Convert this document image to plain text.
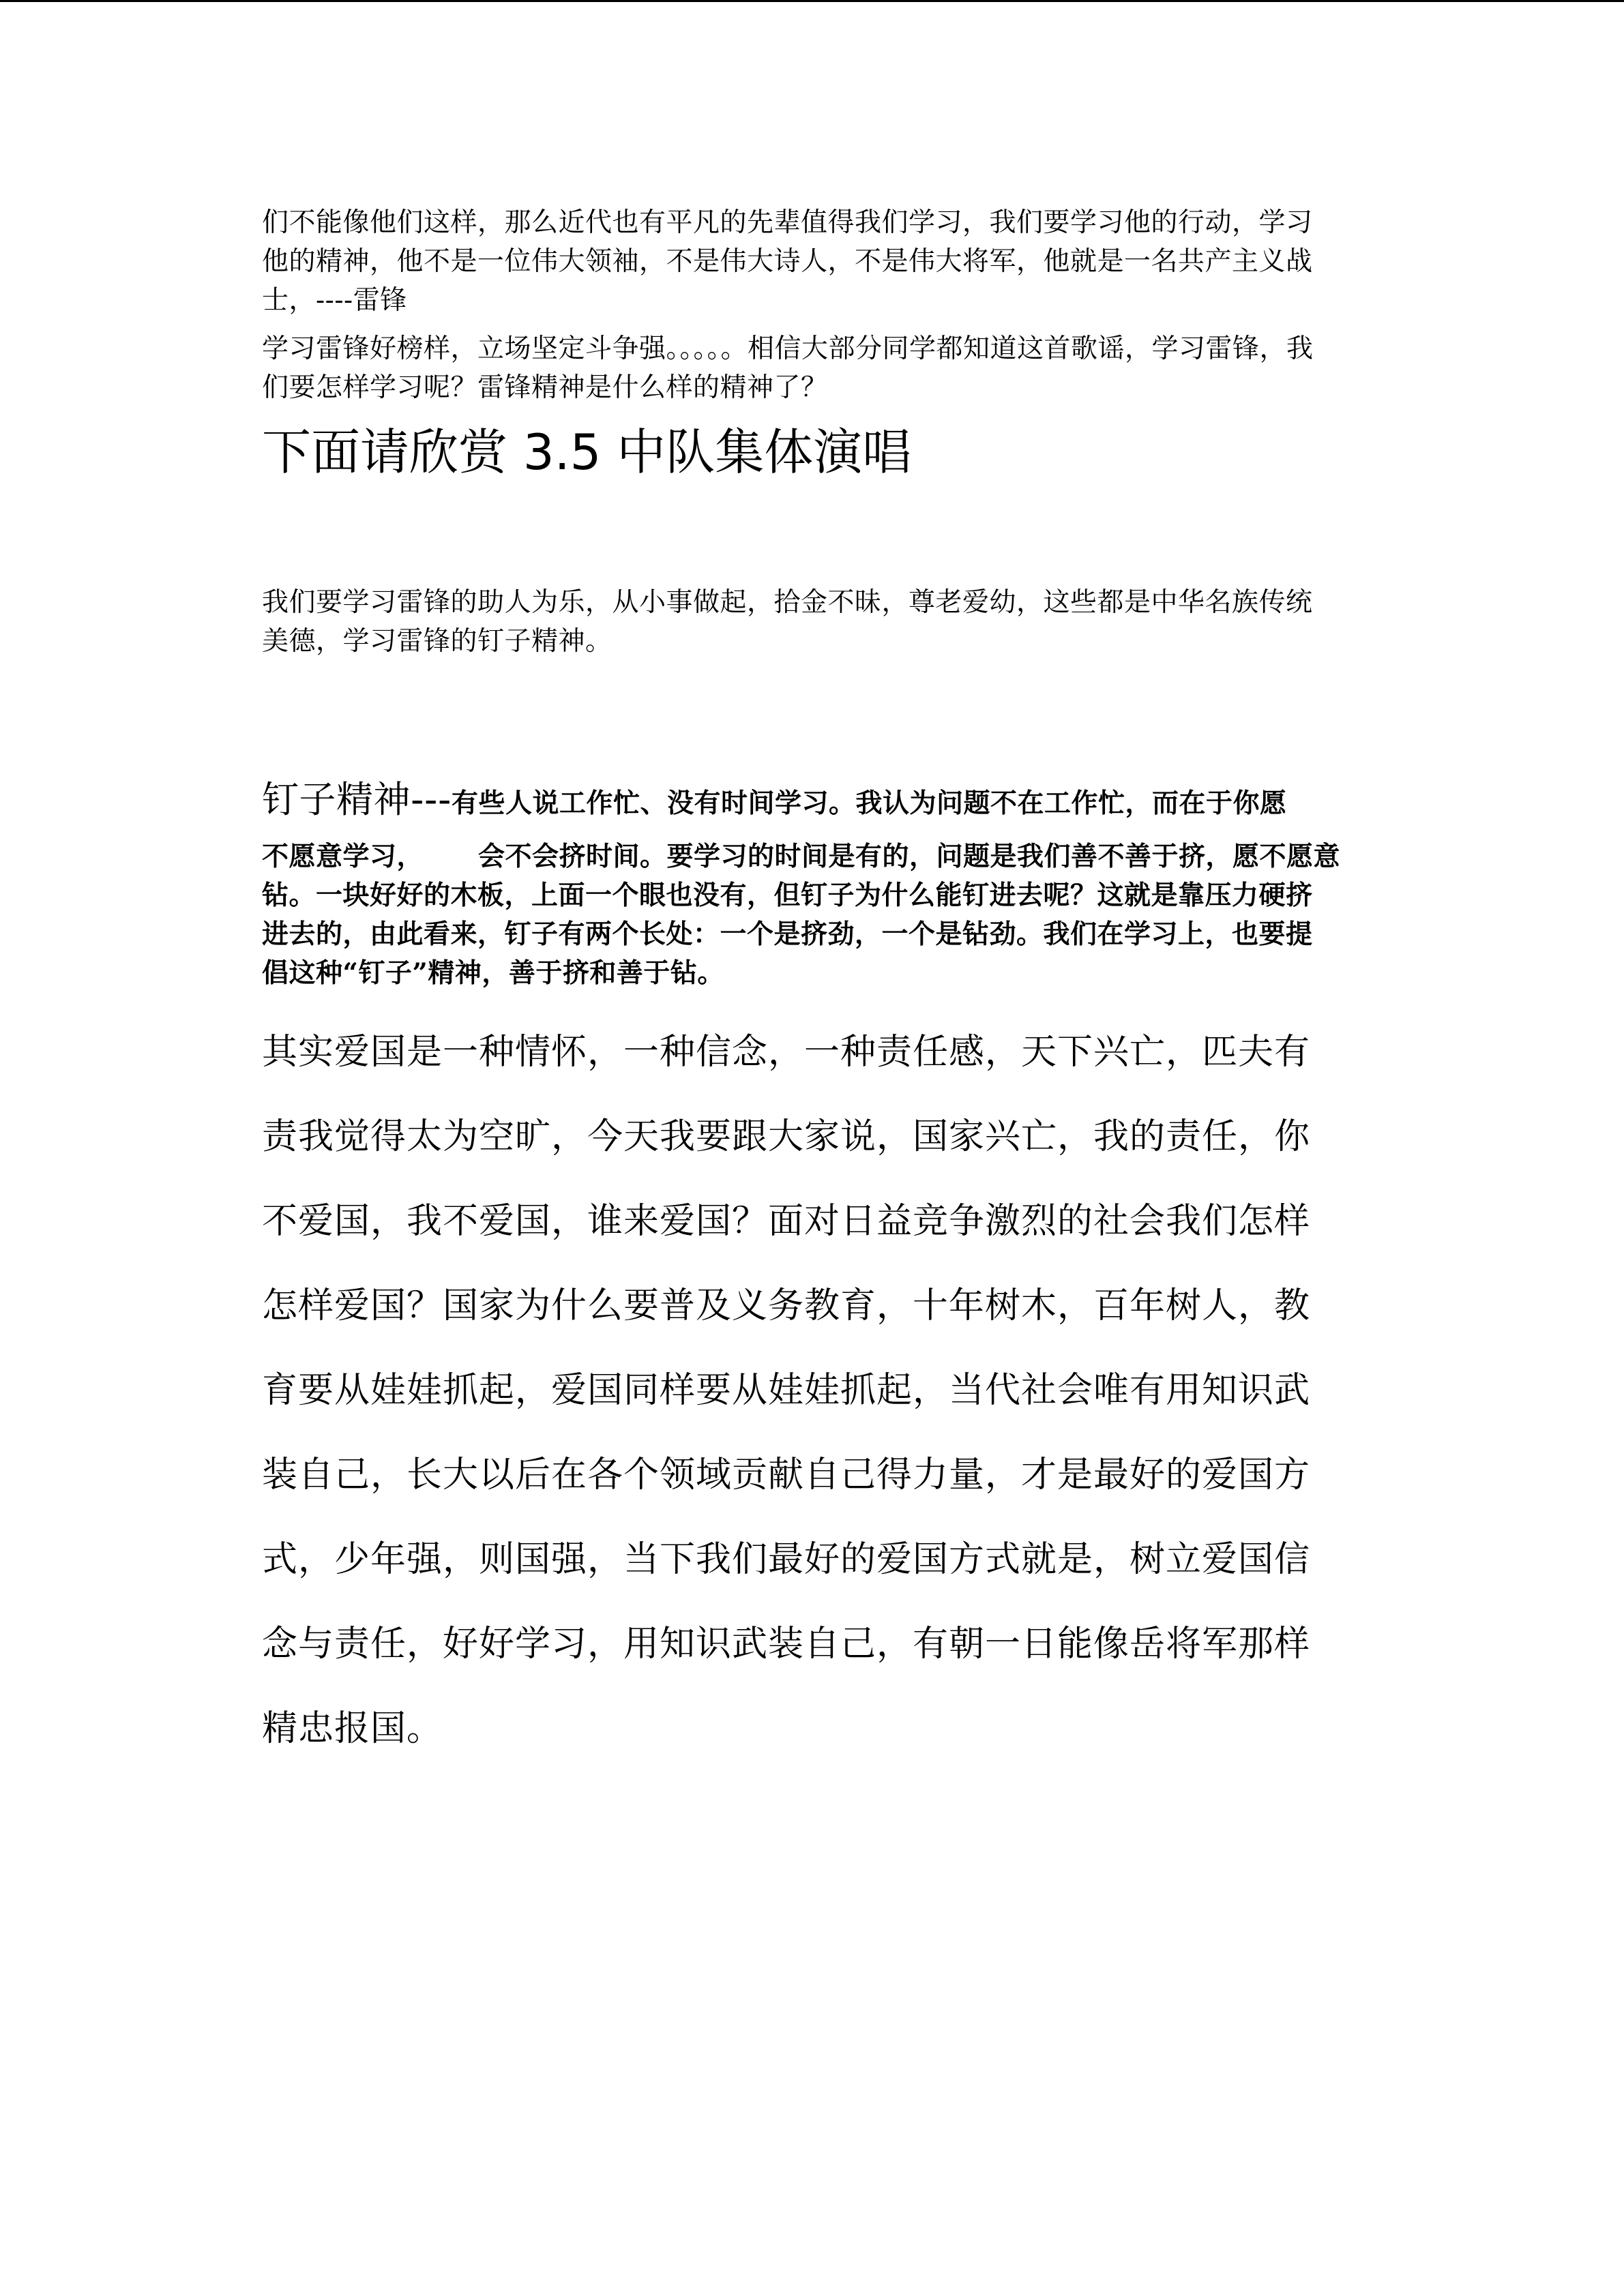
们不能像他们这样，那么近代也有平凡的先辈值得我们学习，我们要学习他的行动，学习
他的精神，他不是一位伟大领袖，不是伟大诗人，不是伟大将军，他就是一名共产主义战
士，----雷锋
学习雷锋好榜样，立场坚定斗争强。。。。。相信大部分同学都知道这首歌谣，学习雷锋，我
们要怎样学习呢？雷锋精神是什么样的精神了？
下面请欣赏 3.5 中队集体演唱
我们要学习雷锋的助人为乐，从小事做起，拾金不昧，尊老爱幼，这些都是中华名族传统
美德，学习雷锋的钉子精神。
钉子精神---有些人说工作忙、没有时间学习。我认为问题不在工作忙，而在于你愿
不愿意学习， 会不会挤时间。要学习的时间是有的，问题是我们善不善于挤，愿不愿意
钻。一块好好的木板，上面一个眼也没有，但钉子为什么能钉进去呢？这就是靠压力硬挤
进去的，由此看来，钉子有两个长处：一个是挤劲，一个是钻劲。我们在学习上，也要提
倡这种“钉子”精神，善于挤和善于钻。
其实爱国是一种情怀，一种信念，一种责任感，天下兴亡，匹夫有
责我觉得太为空旷，今天我要跟大家说，国家兴亡，我的责任，你
不爱国，我不爱国，谁来爱国？面对日益竞争激烈的社会我们怎样
怎样爱国？国家为什么要普及义务教育，十年树木，百年树人，教
育要从娃娃抓起，爱国同样要从娃娃抓起，当代社会唯有用知识武
装自己，长大以后在各个领域贡献自己得力量，才是最好的爱国方
式，少年强，则国强，当下我们最好的爱国方式就是，树立爱国信
念与责任，好好学习，用知识武装自己，有朝一日能像岳将军那样
精忠报国。
